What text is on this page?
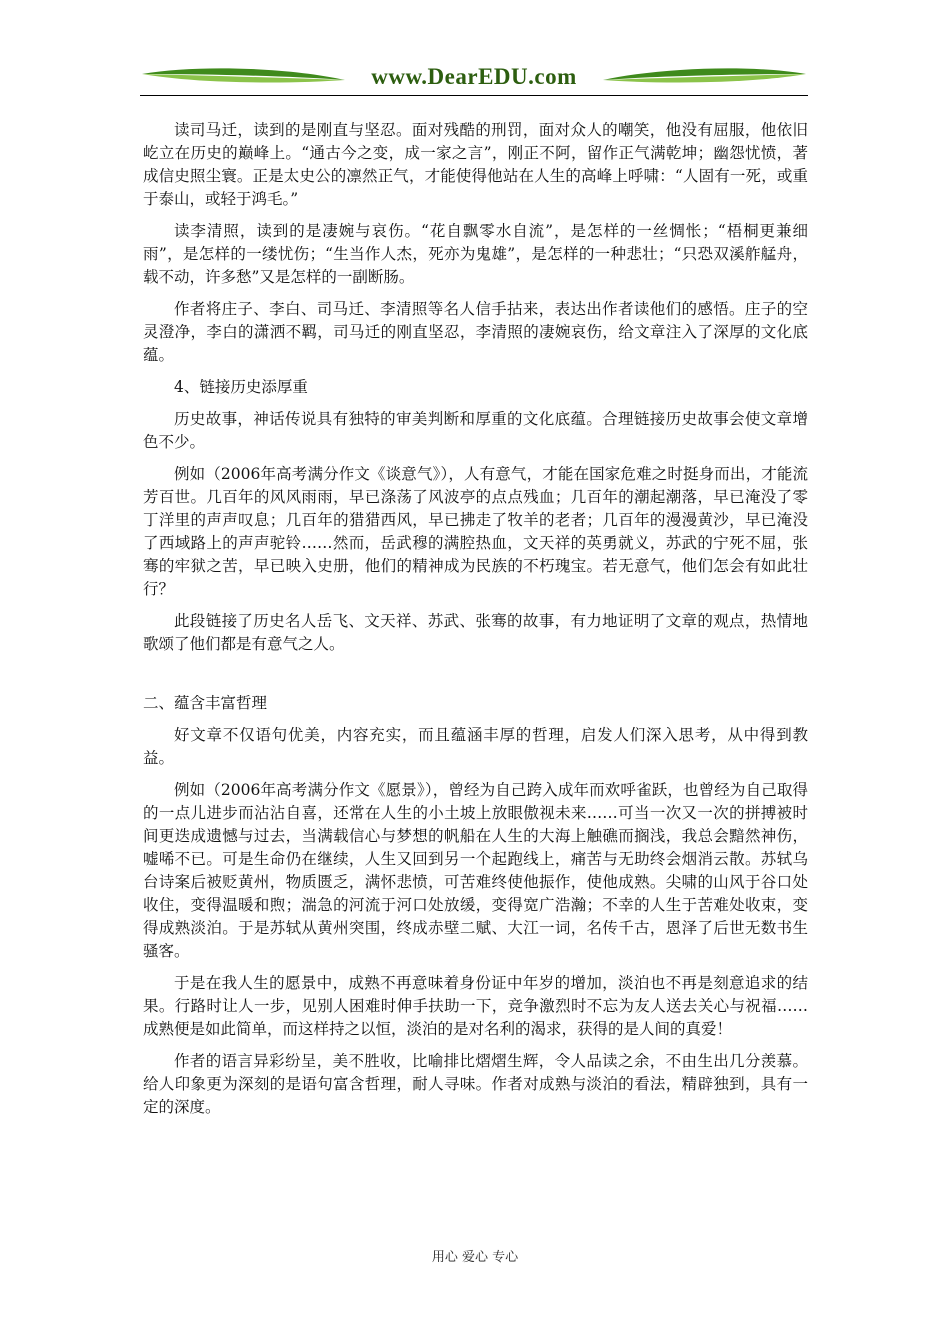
www.DearEDU.com

读司马迁，读到的是刚直与坚忍。面对残酷的刑罚，面对众人的嘲笑，他没有屈服，他依旧屹立在历史的巅峰上。“通古今之变，成一家之言”，刚正不阿，留作正气满乾坤；幽怨忧愤，著成信史照尘寰。正是太史公的凛然正气，才能使得他站在人生的高峰上呼啸：“人固有一死，或重于泰山，或轻于鸿毛。”

读李清照，读到的是凄婉与哀伤。“花自飘零水自流”，是怎样的一丝惆怅；“梧桐更兼细雨”，是怎样的一缕忧伤；“生当作人杰，死亦为鬼雄”，是怎样的一种悲壮；“只恐双溪舴艋舟，载不动，许多愁”又是怎样的一副断肠。

作者将庄子、李白、司马迁、李清照等名人信手拈来，表达出作者读他们的感悟。庄子的空灵澄净，李白的潇洒不羁，司马迁的刚直坚忍，李清照的凄婉哀伤，给文章注入了深厚的文化底蕴。

4、链接历史添厚重

历史故事，神话传说具有独特的审美判断和厚重的文化底蕴。合理链接历史故事会使文章增色不少。

例如（2006年高考满分作文《谈意气》），人有意气，才能在国家危难之时挺身而出，才能流芳百世。几百年的风风雨雨，早已涤荡了风波亭的点点残血；几百年的潮起潮落，早已淹没了零丁洋里的声声叹息；几百年的猎猎西风，早已拂走了牧羊的老者；几百年的漫漫黄沙，早已淹没了西域路上的声声驼铃……然而，岳武穆的满腔热血，文天祥的英勇就义，苏武的宁死不屈，张骞的牢狱之苦，早已映入史册，他们的精神成为民族的不朽瑰宝。若无意气，他们怎会有如此壮行？

此段链接了历史名人岳飞、文天祥、苏武、张骞的故事，有力地证明了文章的观点，热情地歌颂了他们都是有意气之人。

二、蕴含丰富哲理

好文章不仅语句优美，内容充实，而且蕴涵丰厚的哲理，启发人们深入思考，从中得到教益。

例如（2006年高考满分作文《愿景》），曾经为自己跨入成年而欢呼雀跃，也曾经为自己取得的一点儿进步而沾沾自喜，还常在人生的小土坡上放眼傲视未来……可当一次又一次的拼搏被时间更迭成遗憾与过去，当满载信心与梦想的帆船在人生的大海上触礁而搁浅，我总会黯然神伤，嘘唏不已。可是生命仍在继续，人生又回到另一个起跑线上，痛苦与无助终会烟消云散。苏轼乌台诗案后被贬黄州，物质匮乏，满怀悲愤，可苦难终使他振作，使他成熟。尖啸的山风于谷口处收住，变得温暖和煦；湍急的河流于河口处放缓，变得宽广浩瀚；不幸的人生于苦难处收束，变得成熟淡泊。于是苏轼从黄州突围，终成赤壁二赋、大江一词，名传千古，恩泽了后世无数书生骚客。

于是在我人生的愿景中，成熟不再意味着身份证中年岁的增加，淡泊也不再是刻意追求的结果。行路时让人一步，见别人困难时伸手扶助一下，竞争激烈时不忘为友人送去关心与祝福……成熟便是如此简单，而这样持之以恒，淡泊的是对名利的渴求，获得的是人间的真爱！

作者的语言异彩纷呈，美不胜收，比喻排比熠熠生辉，令人品读之余，不由生出几分羡慕。给人印象更为深刻的是语句富含哲理，耐人寻味。作者对成熟与淡泊的看法，精辟独到，具有一定的深度。

用心 爱心 专心
